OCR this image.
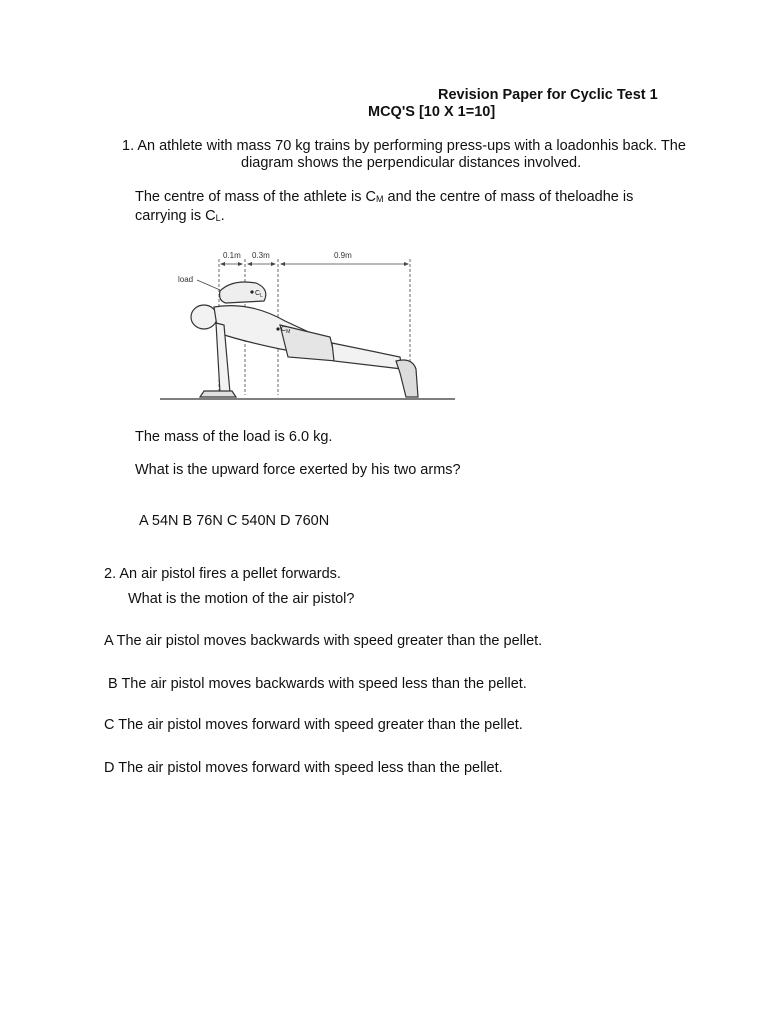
Revision Paper for Cyclic Test 1
MCQ'S [10 X 1=10]
1. An athlete with mass 70 kg trains by performing press-ups with a loadonhis back. The
diagram shows the perpendicular distances involved.
The centre of mass of the athlete is $C_M$ and the centre of mass of theloadhe is
carrying is $C_L$.
0.1m 0.3m	0.9m
load
$C_L$
$C_M$
The mass of the load is 6.0 kg.
What is the upward force exerted by his two arms?
A 54N B 76N C 540N D 760N
2. An air pistol fires a pellet forwards.
What is the motion of the air pistol?
A The air pistol moves backwards with speed greater than the pellet.
B The air pistol moves backwards with speed less than the pellet.
C The air pistol moves forward with speed greater than the pellet.
D The air pistol moves forward with speed less than the pellet.
